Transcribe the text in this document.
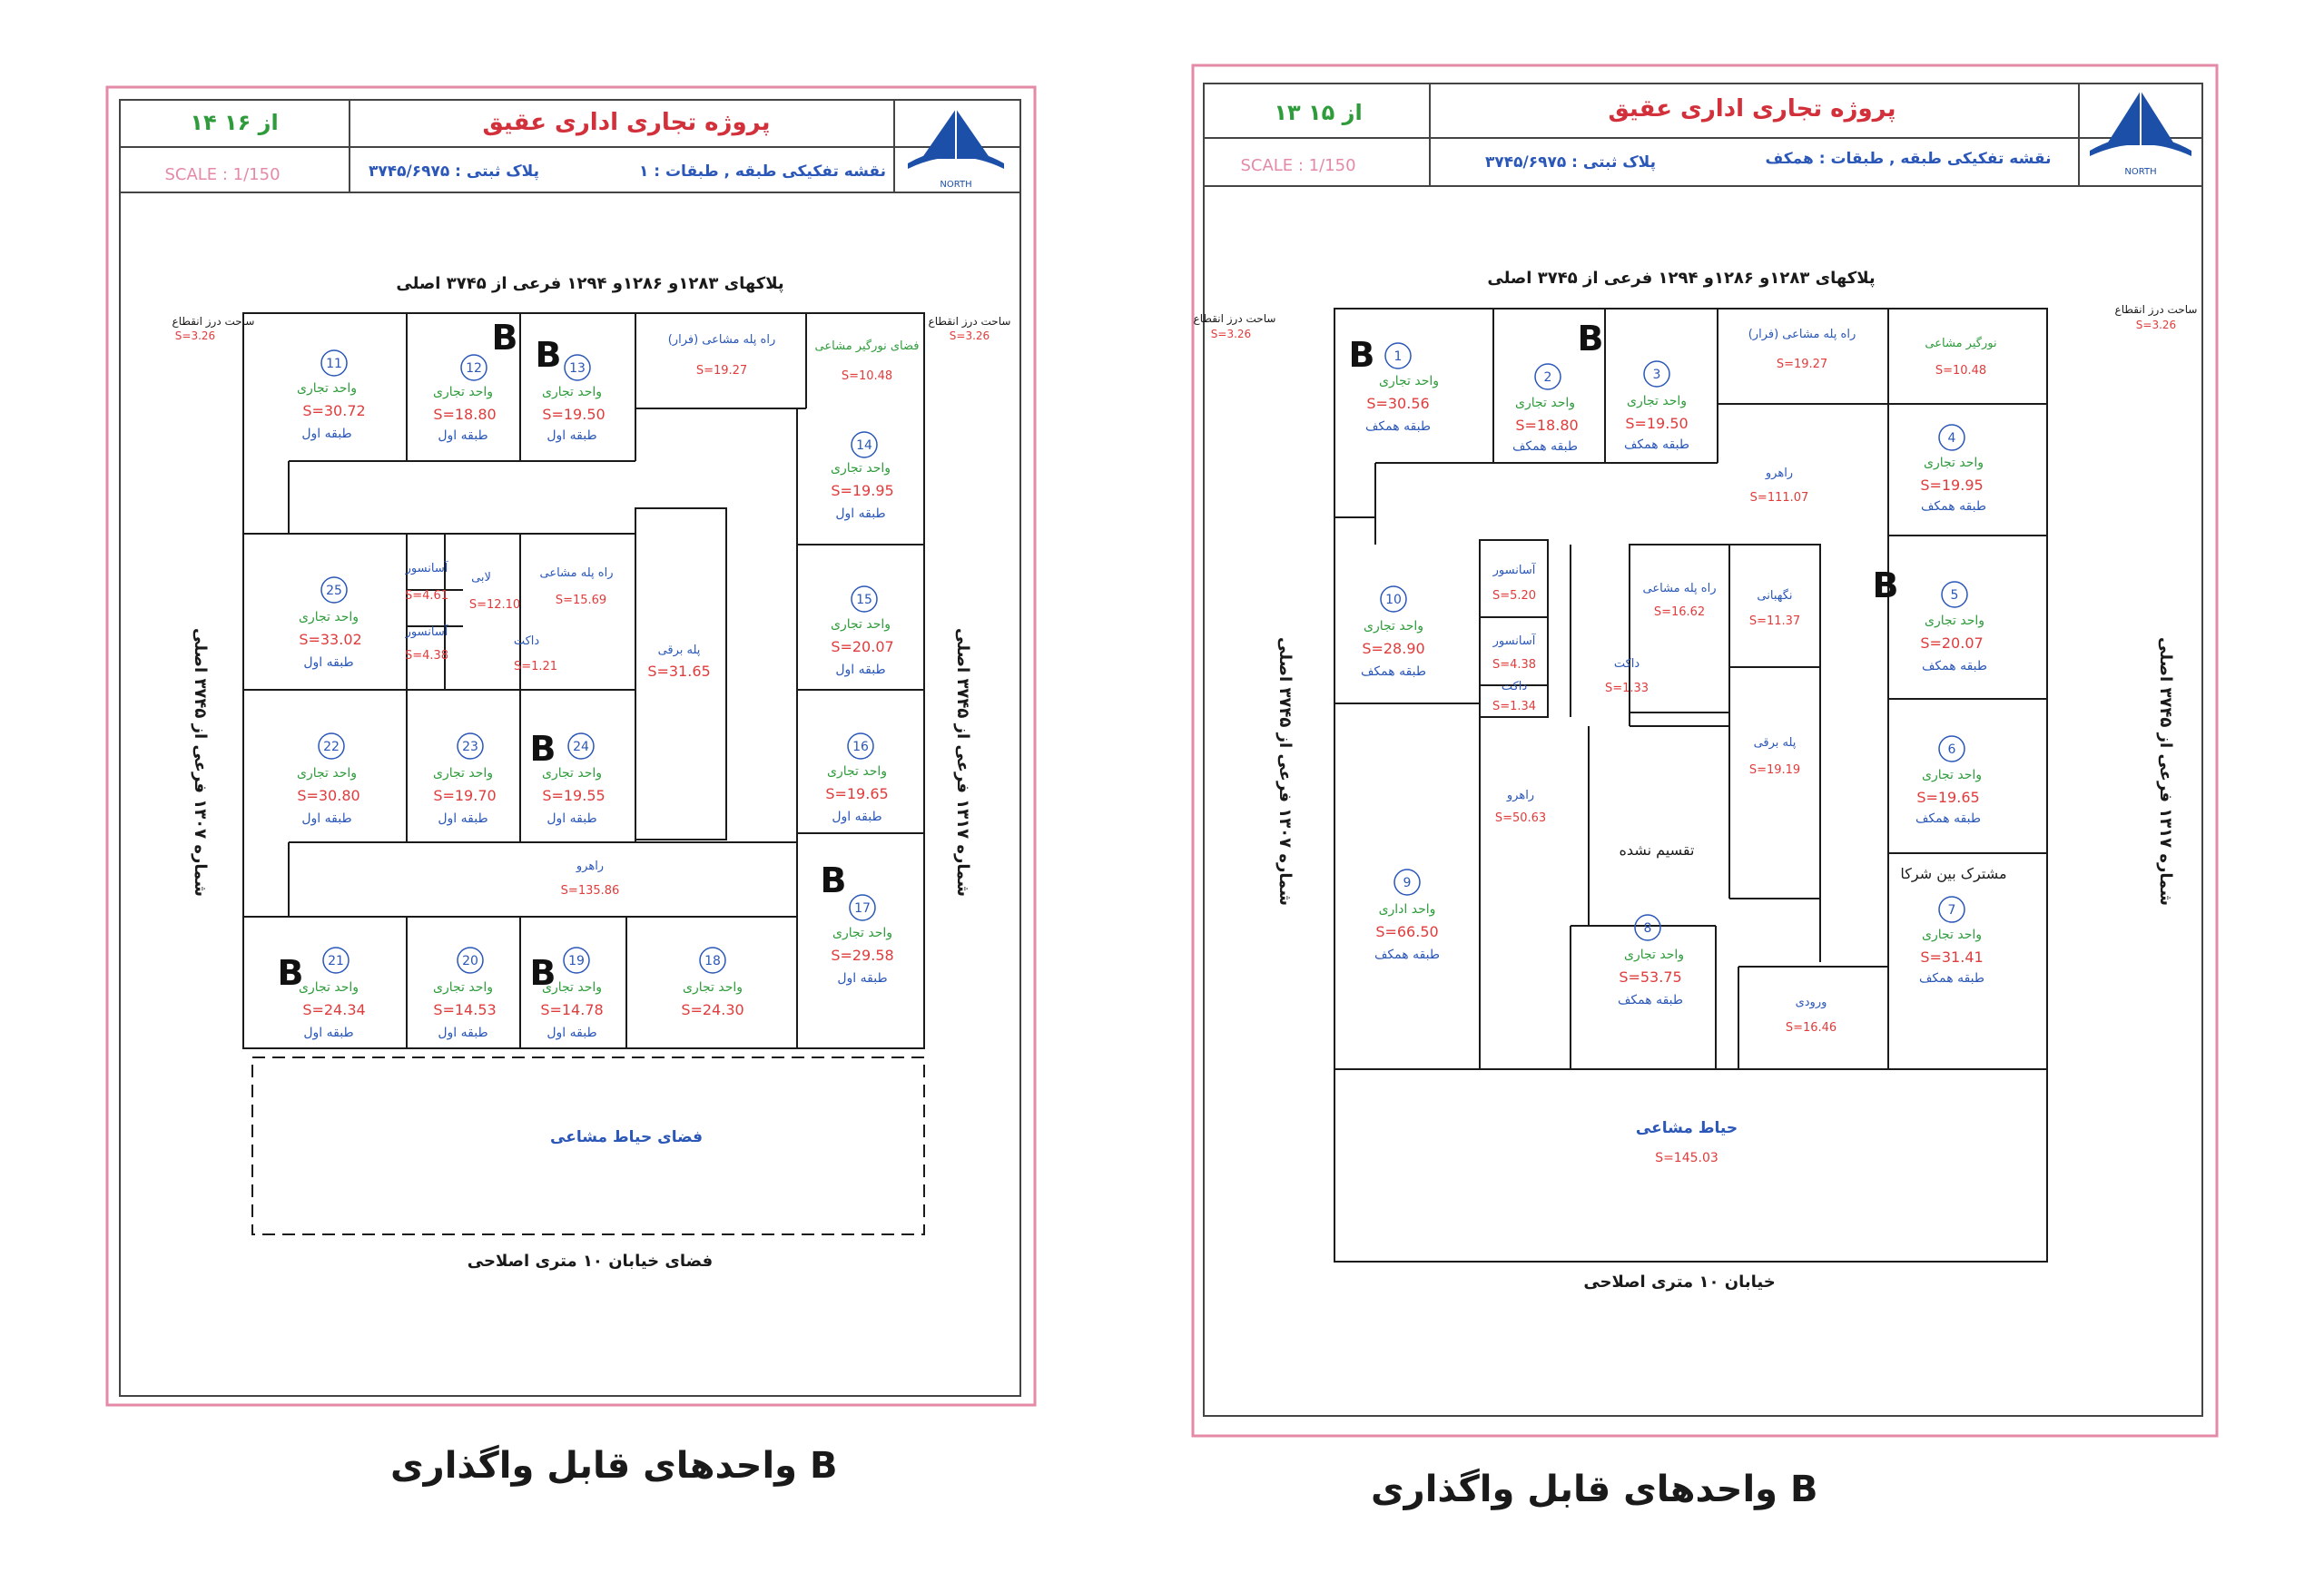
۱۴ از ۱۶	پروژه تجاری اداری عقیق
SCALE : 1/150	پلاک ثبتی : ۳۷۴۵/۶۹۷۵	نقشه تفکیکی طبقه , طبقات : ۱
NORTH
پلاکهای ۱۲۸۳و ۱۲۸۶و ۱۲۹۴ فرعی از ۳۷۴۵ اصلی
ساحت درز انقطاع
S=3.26
ساحت درز انقطاع
S=3.26
شماره ۱۳۰۷ فرعی از ۳۷۴۵ اصلی
شماره ۱۳۱۷ فرعی از ۳۷۴۵ اصلی
11
واحد تجاری
S=30.72
طبقه اول
12
واحد تجاری
S=18.80
طبقه اول
13
واحد تجاری
S=19.50
طبقه اول
14
واحد تجاری
S=19.95
طبقه اول
15
واحد تجاری
S=20.07
طبقه اول
16
واحد تجاری
S=19.65
طبقه اول
17
واحد تجاری
S=29.58
طبقه اول
18
واحد تجاری
S=24.30
19
واحد تجاری
S=14.78
طبقه اول
20
واحد تجاری
S=14.53
طبقه اول
21
واحد تجاری
S=24.34
طبقه اول
22
واحد تجاری
S=30.80
طبقه اول
23
واحد تجاری
S=19.70
طبقه اول
24
واحد تجاری
S=19.55
طبقه اول
25
واحد تجاری
S=33.02
طبقه اول
راه پله مشاعی (فرار)
S=19.27
فضای نورگیر مشاعی
S=10.48
آسانسور
S=4.61
لابی
S=12.10
راه پله مشاعی
S=15.69
آسانسور
S=4.38
داکت
S=1.21
پله برقی
S=31.65
راهرو
S=135.86
فضای حیاط مشاعی
فضای خیابان ۱۰ متری اصلاحی
B B
B
B
B	B
۱۳ از ۱۵	پروژه تجاری اداری عقیق
SCALE : 1/150	پلاک ثبتی : ۳۷۴۵/۶۹۷۵	نقشه تفکیکی طبقه , طبقات : همکف
NORTH
پلاکهای ۱۲۸۳و ۱۲۸۶و ۱۲۹۴ فرعی از ۳۷۴۵ اصلی
ساحت درز انقطاع
S=3.26
ساحت درز انقطاع
S=3.26
شماره ۱۳۰۷ فرعی از ۳۷۴۵ اصلی
شماره ۱۳۱۷ فرعی از ۳۷۴۵ اصلی
1
واحد تجاری
S=30.56
طبقه همکف
2
واحد تجاری
S=18.80
طبقه همکف
3
واحد تجاری
S=19.50
طبقه همکف	4
واحد تجاری
S=19.95
طبقه همکف
5
واحد تجاری
S=20.07
طبقه همکف
6
واحد تجاری
S=19.65
طبقه همکف
7
واحد تجاری
S=31.41
طبقه همکف
8
واحد تجاری
S=53.75
طبقه همکف
9
واحد اداری
S=66.50
طبقه همکف
10
واحد تجاری
S=28.90
طبقه همکف
راه پله مشاعی (فرار)
S=19.27
نورگیر مشاعی
S=10.48
راهرو
S=111.07
آسانسور
S=5.20
آسانسور
S=4.38
داکت
S=1.34
راه پله مشاعی
S=16.62
نگهبانی
S=11.37
داکت
S=1.33
پله برقی
S=19.19
راهرو
S=50.63
ورودی
S=16.46
تقسیم نشده
مشترک بین شرکا
حیاط مشاعی
S=145.03
خیابان ۱۰ متری اصلاحی
B	B
B
B واحدهای قابل واگذاری
B واحدهای قابل واگذاری
